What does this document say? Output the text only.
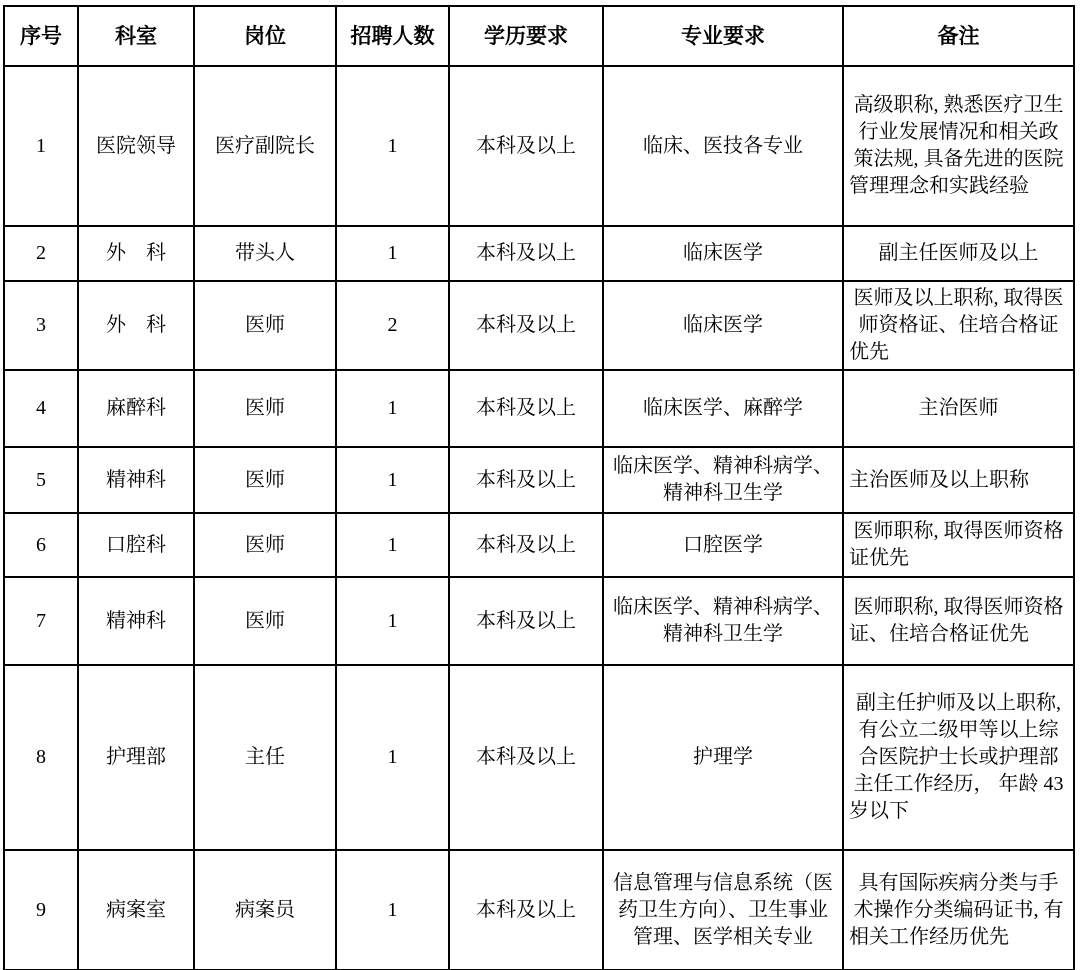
序号	科室	岗位	招聘人数	学历要求	专业要求	备注
1	医院领导	医疗副院长	1	本科及以上	临床、医技各专业	高级职称, 熟悉医疗卫生行业发展情况和相关政策法规, 具备先进的医院管理理念和实践经验
2	外　科	带头人	1	本科及以上	临床医学	副主任医师及以上
3	外　科	医师	2	本科及以上	临床医学	医师及以上职称, 取得医师资格证、住培合格证优先
4	麻醉科	医师	1	本科及以上	临床医学、麻醉学	主治医师
5	精神科	医师	1	本科及以上	临床医学、精神科病学、精神科卫生学	主治医师及以上职称
6	口腔科	医师	1	本科及以上	口腔医学	医师职称, 取得医师资格证优先
7	精神科	医师	1	本科及以上	临床医学、精神科病学、精神科卫生学	医师职称, 取得医师资格证、住培合格证优先
8	护理部	主任	1	本科及以上	护理学	副主任护师及以上职称, 有公立二级甲等以上综合医院护士长或护理部主任工作经历， 年龄 43 岁以下
9	病案室	病案员	1	本科及以上	信息管理与信息系统（医药卫生方向）、卫生事业管理、医学相关专业	具有国际疾病分类与手术操作分类编码证书, 有相关工作经历优先
